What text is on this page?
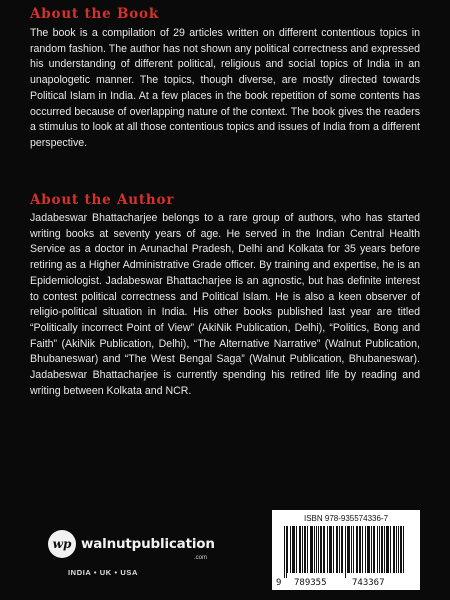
About the Book

The book is a compilation of 29 articles written on different contentious topics in random fashion. The author has not shown any political correctness and expressed his understanding of different political, religious and social topics of India in an unapologetic manner. The topics, though diverse, are mostly directed towards Political Islam in India. At a few places in the book repetition of some contents has occurred because of overlapping nature of the context. The book gives the readers a stimulus to look at all those contentious topics and issues of India from a different perspective.

About the Author

Jadabeswar Bhattacharjee belongs to a rare group of authors, who has started writing books at seventy years of age. He served in the Indian Central Health Service as a doctor in Arunachal Pradesh, Delhi and Kolkata for 35 years before retiring as a Higher Administrative Grade officer. By training and expertise, he is an Epidemiologist. Jadabeswar Bhattacharjee is an agnostic, but has definite interest to contest political correctness and Political Islam. He is also a keen observer of religio-political situation in India. His other books published last year are titled “Politically incorrect Point of View” (AkiNik Publication, Delhi), “Politics, Bong and Faith” (AkiNik Publication, Delhi), “The Alternative Narrative” (Walnut Publication, Bhubaneswar) and “The West Bengal Saga” (Walnut Publication, Bhubaneswar). Jadabeswar Bhattacharjee is currently spending his retired life by reading and writing between Kolkata and NCR.

wp walnutpublication
.com
INDIA • UK • USA
ISBN 978-935574336-7
9 789355	743367
